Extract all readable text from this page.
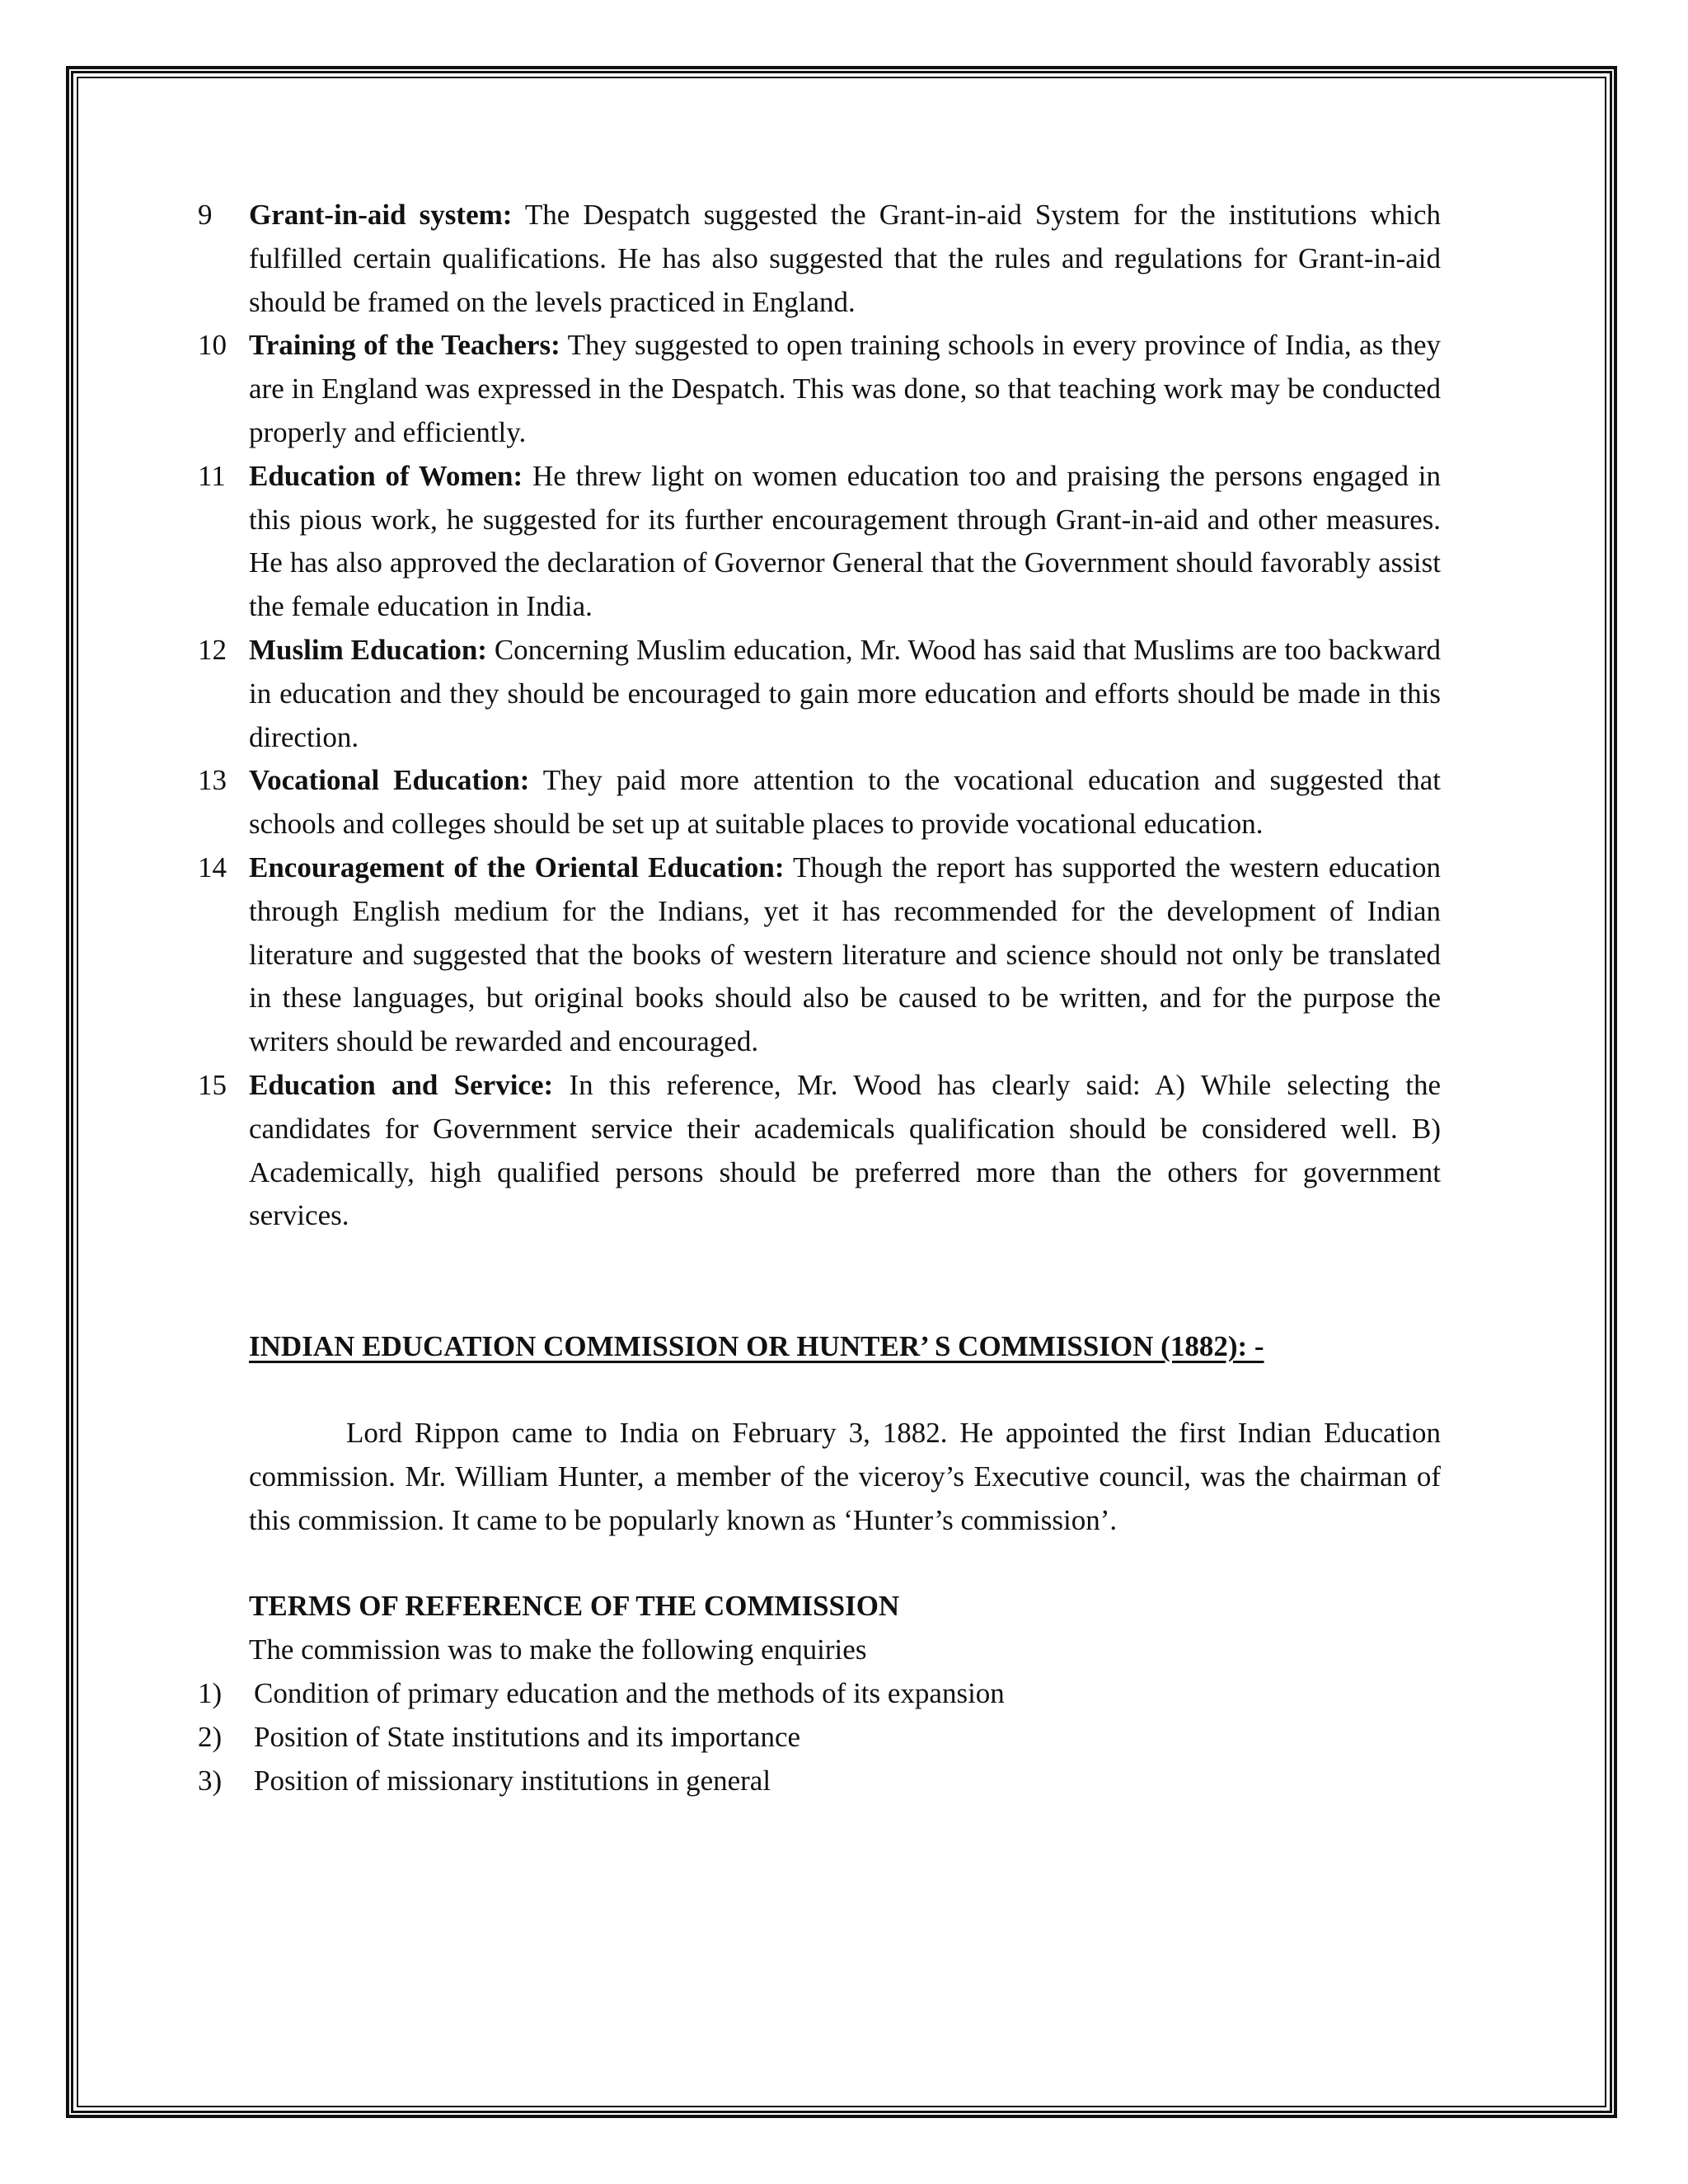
9 Grant-in-aid system: The Despatch suggested the Grant-in-aid System for the institutions which fulfilled certain qualifications. He has also suggested that the rules and regulations for Grant-in-aid should be framed on the levels practiced in England.
10 Training of the Teachers: They suggested to open training schools in every province of India, as they are in England was expressed in the Despatch. This was done, so that teaching work may be conducted properly and efficiently.
11 Education of Women: He threw light on women education too and praising the persons engaged in this pious work, he suggested for its further encouragement through Grant-in-aid and other measures. He has also approved the declaration of Governor General that the Government should favorably assist the female education in India.
12 Muslim Education: Concerning Muslim education, Mr. Wood has said that Muslims are too backward in education and they should be encouraged to gain more education and efforts should be made in this direction.
13 Vocational Education: They paid more attention to the vocational education and suggested that schools and colleges should be set up at suitable places to provide vocational education.
14 Encouragement of the Oriental Education: Though the report has supported the western education through English medium for the Indians, yet it has recommended for the development of Indian literature and suggested that the books of western literature and science should not only be translated in these languages, but original books should also be caused to be written, and for the purpose the writers should be rewarded and encouraged.
15 Education and Service: In this reference, Mr. Wood has clearly said: A) While selecting the candidates for Government service their academicals qualification should be considered well. B) Academically, high qualified persons should be preferred more than the others for government services.
INDIAN EDUCATION COMMISSION OR HUNTER’ S COMMISSION (1882): -
Lord Rippon came to India on February 3, 1882. He appointed the first Indian Education commission. Mr. William Hunter, a member of the viceroy’s Executive council, was the chairman of this commission. It came to be popularly known as ‘Hunter’s commission’.
TERMS OF REFERENCE OF THE COMMISSION
The commission was to make the following enquiries
1) Condition of primary education and the methods of its expansion
2) Position of State institutions and its importance
3) Position of missionary institutions in general
